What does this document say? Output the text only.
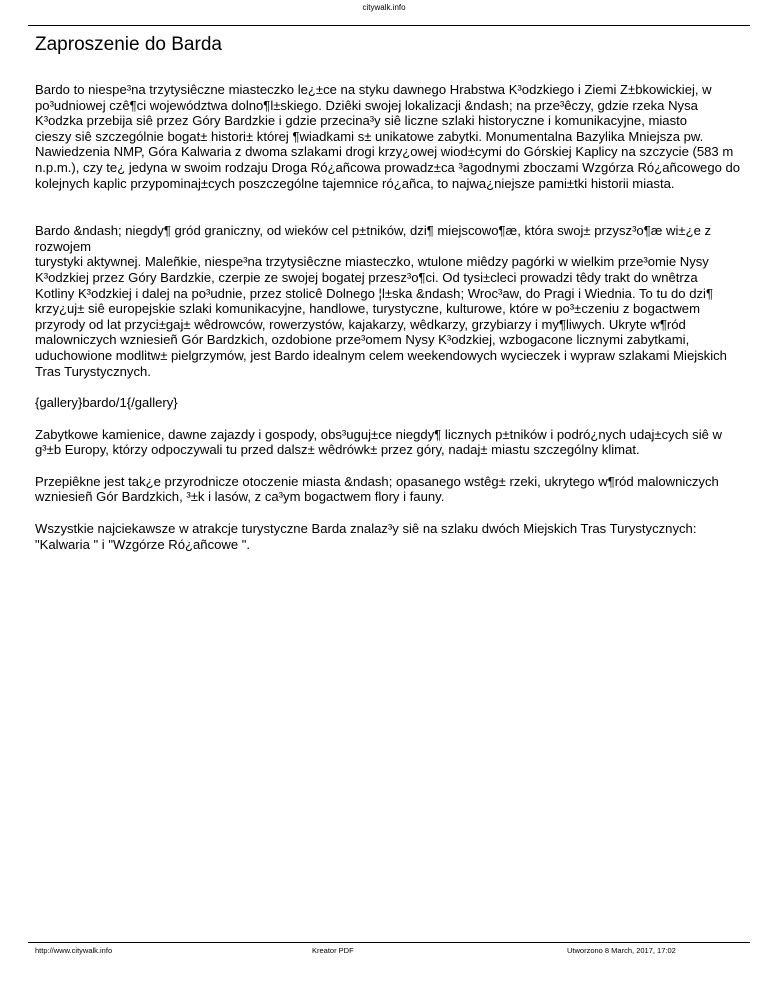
citywalk.info
Zaproszenie do Barda

Bardo to niespe³na trzytysiêczne miasteczko le¿±ce na styku dawnego Hrabstwa K³odzkiego i Ziemi Z±bkowickiej, w
po³udniowej czê¶ci województwa dolno¶l±skiego. Dziêki swojej lokalizacji &ndash; na prze³êczy, gdzie rzeka Nysa
K³odzka przebija siê przez Góry Bardzkie i gdzie przecina³y siê liczne szlaki historyczne i komunikacyjne, miasto
cieszy siê szczególnie bogat± histori± której ¶wiadkami s± unikatowe zabytki. Monumentalna Bazylika Mniejsza pw.
Nawiedzenia NMP, Góra Kalwaria z dwoma szlakami drogi krzy¿owej wiod±cymi do Górskiej Kaplicy na szczycie (583 m
n.p.m.), czy te¿ jedyna w swoim rodzaju Droga Ró¿añcowa prowadz±ca ³agodnymi zboczami Wzgórza Ró¿añcowego do
kolejnych kaplic przypominaj±cych poszczególne tajemnice ró¿añca, to najwa¿niejsze pami±tki historii miasta.

Bardo &ndash; niegdy¶ gród graniczny, od wieków cel p±tników, dzi¶ miejscowo¶æ, która swoj± przysz³o¶æ wi±¿e z rozwojem
turystyki aktywnej. Maleñkie, niespe³na trzytysiêczne miasteczko, wtulone miêdzy pagórki w wielkim prze³omie Nysy
K³odzkiej przez Góry Bardzkie, czerpie ze swojej bogatej przesz³o¶ci. Od tysi±cleci prowadzi têdy trakt do wnêtrza
Kotliny K³odzkiej i dalej na po³udnie, przez stolicê Dolnego ¦l±ska &ndash; Wroc³aw, do Pragi i Wiednia. To tu do dzi¶
krzy¿uj± siê europejskie szlaki komunikacyjne, handlowe, turystyczne, kulturowe, które w po³±czeniu z bogactwem
przyrody od lat przyci±gaj± wêdrowców, rowerzystów, kajakarzy, wêdkarzy, grzybiarzy i my¶liwych. Ukryte w¶ród
malowniczych wzniesieñ Gór Bardzkich, ozdobione prze³omem Nysy K³odzkiej, wzbogacone licznymi zabytkami,
uduchowione modlitw± pielgrzymów, jest Bardo idealnym celem weekendowych wycieczek i wypraw szlakami Miejskich
Tras Turystycznych.

{gallery}bardo/1{/gallery}

Zabytkowe kamienice, dawne zajazdy i gospody, obs³uguj±ce niegdy¶ licznych p±tników i podró¿nych udaj±cych siê w
g³±b Europy, którzy odpoczywali tu przed dalsz± wêdrówk± przez góry, nadaj± miastu szczególny klimat.

Przepiêkne jest tak¿e przyrodnicze otoczenie miasta &ndash; opasanego wstêg± rzeki, ukrytego w¶ród malowniczych
wzniesieñ Gór Bardzkich, ³±k i lasów, z ca³ym bogactwem flory i fauny.

Wszystkie najciekawsze w atrakcje turystyczne Barda znalaz³y siê na szlaku dwóch Miejskich Tras Turystycznych:
"Kalwaria " i "Wzgórze Ró¿añcowe ".

http://www.citywalk.info	Kreator PDF	Utworzono 8 March, 2017, 17:02
